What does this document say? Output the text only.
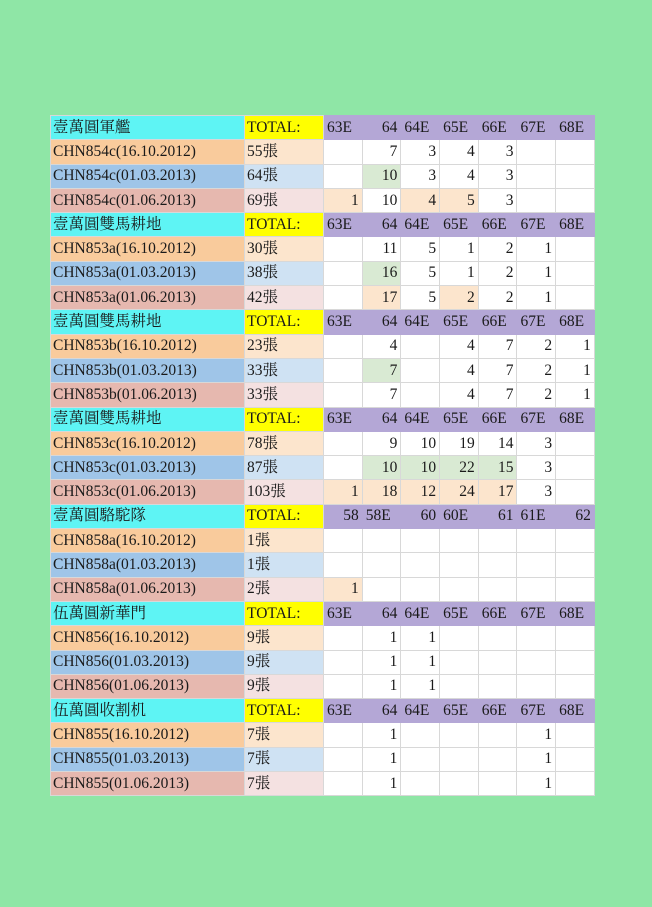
壹萬圓軍艦	TOTAL:	63E	64	64E	65E	66E	67E	68E
CHN854c(16.10.2012)	55張		7	3	4	3		
CHN854c(01.03.2013)	64張		10	3	4	3		
CHN854c(01.06.2013)	69張	1	10	4	5	3		
壹萬圓雙馬耕地	TOTAL:	63E	64	64E	65E	66E	67E	68E
CHN853a(16.10.2012)	30張		11	5	1	2	1	
CHN853a(01.03.2013)	38張		16	5	1	2	1	
CHN853a(01.06.2013)	42張		17	5	2	2	1	
壹萬圓雙馬耕地	TOTAL:	63E	64	64E	65E	66E	67E	68E
CHN853b(16.10.2012)	23張		4		4	7	2	1
CHN853b(01.03.2013)	33張		7		4	7	2	1
CHN853b(01.06.2013)	33張		7		4	7	2	1
壹萬圓雙馬耕地	TOTAL:	63E	64	64E	65E	66E	67E	68E
CHN853c(16.10.2012)	78張		9	10	19	14	3	
CHN853c(01.03.2013)	87張		10	10	22	15	3	
CHN853c(01.06.2013)	103張	1	18	12	24	17	3	
壹萬圓駱駝隊	TOTAL:	58	58E	60	60E	61	61E	62
CHN858a(16.10.2012)	1張							
CHN858a(01.03.2013)	1張							
CHN858a(01.06.2013)	2張	1						
伍萬圓新華門	TOTAL:	63E	64	64E	65E	66E	67E	68E
CHN856(16.10.2012)	9張		1	1				
CHN856(01.03.2013)	9張		1	1				
CHN856(01.06.2013)	9張		1	1				
伍萬圓收割机	TOTAL:	63E	64	64E	65E	66E	67E	68E
CHN855(16.10.2012)	7張		1				1	
CHN855(01.03.2013)	7張		1				1	
CHN855(01.06.2013)	7張		1				1	
